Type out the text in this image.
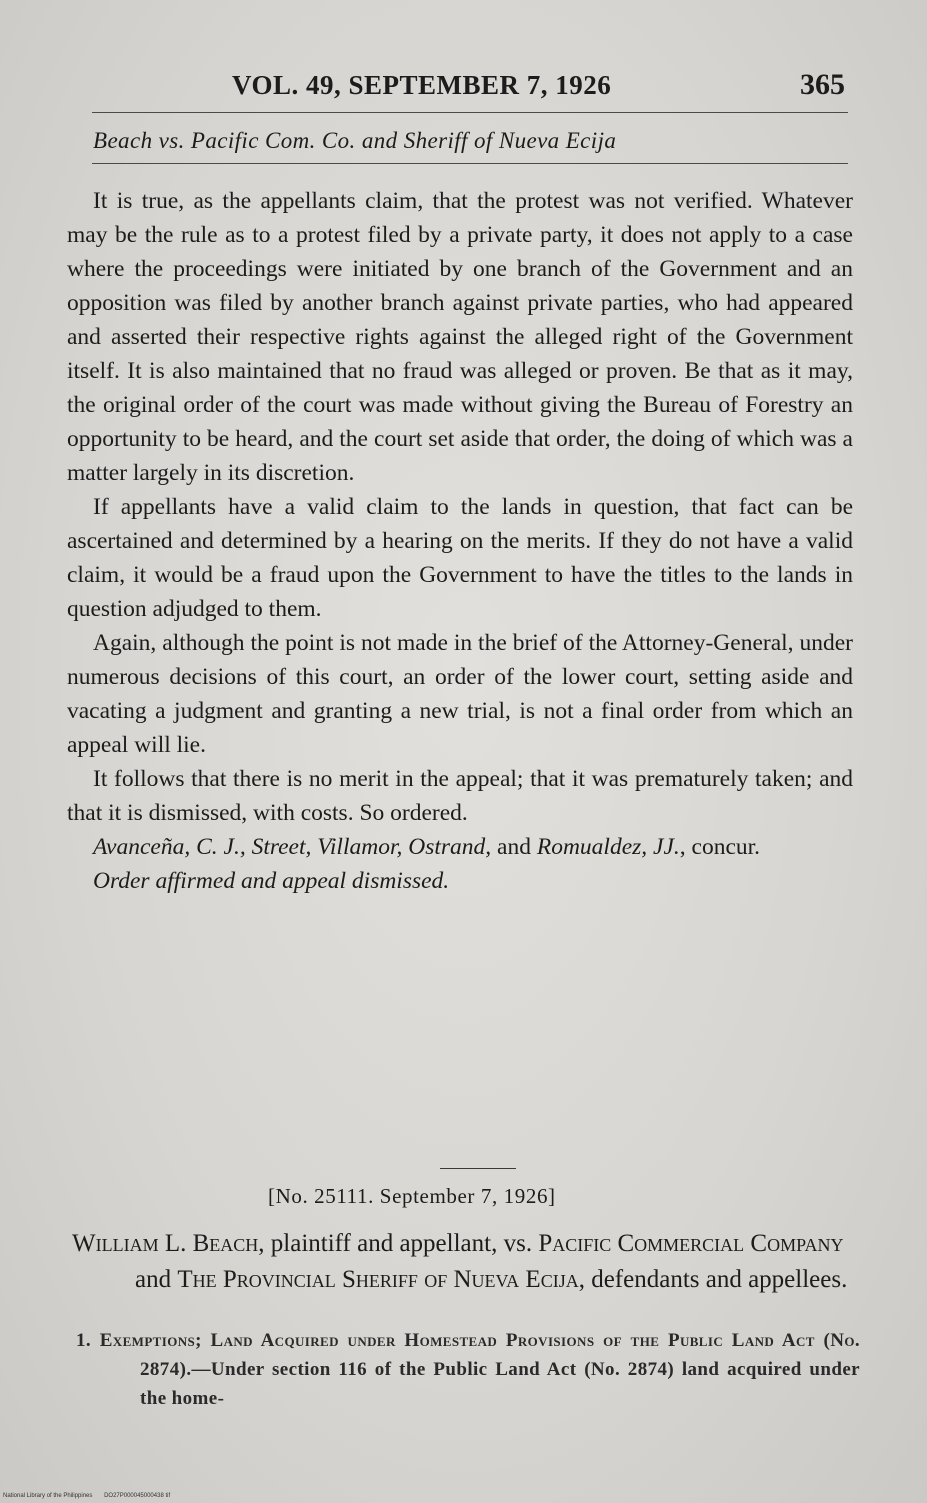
VOL. 49, SEPTEMBER 7, 1926	365
Beach vs. Pacific Com. Co. and Sheriff of Nueva Ecija

It is true, as the appellants claim, that the protest was not verified. Whatever may be the rule as to a protest filed by a private party, it does not apply to a case where the proceedings were initiated by one branch of the Government and an opposition was filed by another branch against private parties, who had appeared and asserted their respective rights against the alleged right of the Government itself. It is also maintained that no fraud was alleged or proven. Be that as it may, the original order of the court was made without giving the Bureau of Forestry an opportunity to be heard, and the court set aside that order, the doing of which was a matter largely in its discretion.

If appellants have a valid claim to the lands in question, that fact can be ascertained and determined by a hearing on the merits. If they do not have a valid claim, it would be a fraud upon the Government to have the titles to the lands in question adjudged to them.

Again, although the point is not made in the brief of the Attorney-General, under numerous decisions of this court, an order of the lower court, setting aside and vacating a judgment and granting a new trial, is not a final order from which an appeal will lie.

It follows that there is no merit in the appeal; that it was prematurely taken; and that it is dismissed, with costs. So ordered.

Avanceña, C. J., Street, Villamor, Ostrand, and Romualdez, JJ., concur.

Order affirmed and appeal dismissed.

[No. 25111. September 7, 1926]

William L. Beach, plaintiff and appellant, vs. Pacific Commercial Company and The Provincial Sheriff of Nueva Ecija, defendants and appellees.

1. Exemptions; Land Acquired under Homestead Provisions of the Public Land Act (No. 2874).—Under section 116 of the Public Land Act (No. 2874) land acquired under the home-

National Library of the Philippines DO27P000045000438 tif
